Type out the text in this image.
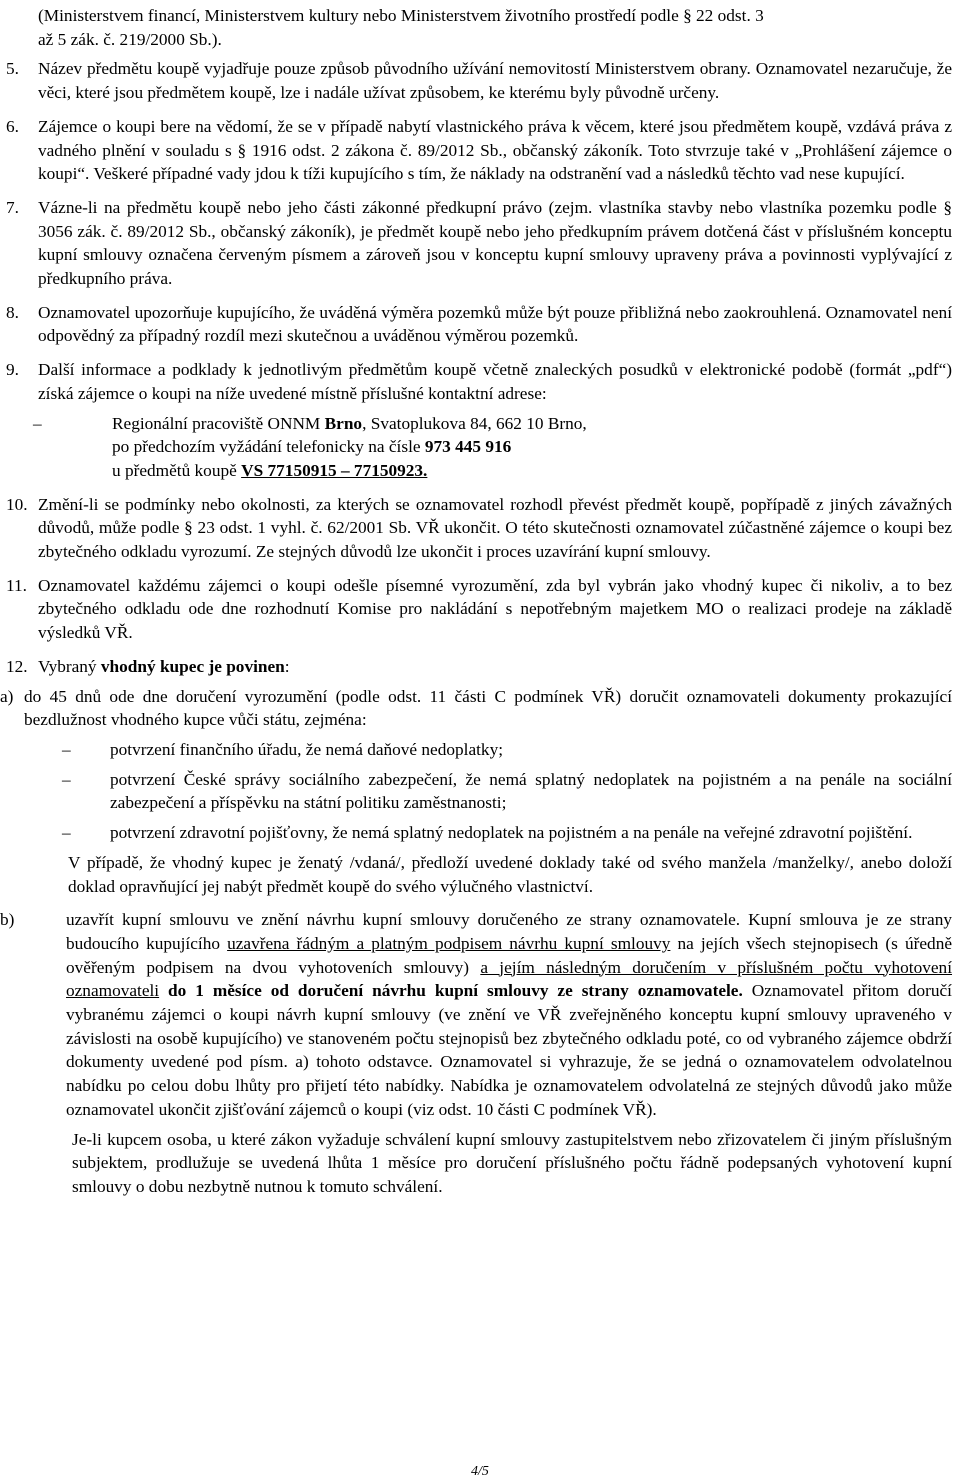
(Ministerstvem financí, Ministerstvem kultury nebo Ministerstvem životního prostředí podle § 22 odst. 3
až 5 zák. č. 219/2000 Sb.).
5. Název předmětu koupě vyjadřuje pouze způsob původního užívání nemovitostí Ministerstvem obrany. Oznamovatel nezaručuje, že věci, které jsou předmětem koupě, lze i nadále užívat způsobem, ke kterému byly původně určeny.
6. Zájemce o koupi bere na vědomí, že se v případě nabytí vlastnického práva k věcem, které jsou předmětem koupě, vzdává práva z vadného plnění v souladu s § 1916 odst. 2 zákona č. 89/2012 Sb., občanský zákoník. Toto stvrzuje také v „Prohlášení zájemce o koupi“. Veškeré případné vady jdou k tíži kupujícího s tím, že náklady na odstranění vad a následků těchto vad nese kupující.
7. Vázne-li na předmětu koupě nebo jeho části zákonné předkupní právo (zejm. vlastníka stavby nebo vlastníka pozemku podle § 3056 zák. č. 89/2012 Sb., občanský zákoník), je předmět koupě nebo jeho předkupním právem dotčená část v příslušném konceptu kupní smlouvy označena červeným písmem a zároveň jsou v konceptu kupní smlouvy upraveny práva a povinnosti vyplývající z předkupního práva.
8. Oznamovatel upozorňuje kupujícího, že uváděná výměra pozemků může být pouze přibližná nebo zaokrouhlená. Oznamovatel není odpovědný za případný rozdíl mezi skutečnou a uváděnou výměrou pozemků.
9. Další informace a podklady k jednotlivým předmětům koupě včetně znaleckých posudků v elektronické podobě (formát „pdf“) získá zájemce o koupi na níže uvedené místně příslušné kontaktní adrese:
–	Regionální pracoviště ONNM Brno, Svatoplukova 84, 662 10 Brno,
po předchozím vyžádání telefonicky na čísle 973 445 916
u předmětů koupě VS 77150915 – 77150923.
10. Změní-li se podmínky nebo okolnosti, za kterých se oznamovatel rozhodl převést předmět koupě, popřípadě z jiných závažných důvodů, může podle § 23 odst. 1 vyhl. č. 62/2001 Sb. VŘ ukončit. O této skutečnosti oznamovatel zúčastněné zájemce o koupi bez zbytečného odkladu vyrozumí. Ze stejných důvodů lze ukončit i proces uzavírání kupní smlouvy.
11. Oznamovatel každému zájemci o koupi odešle písemné vyrozumění, zda byl vybrán jako vhodný kupec či nikoliv, a to bez zbytečného odkladu ode dne rozhodnutí Komise pro nakládání s nepotřebným majetkem MO o realizaci prodeje na základě výsledků VŘ.
12. Vybraný vhodný kupec je povinen:
a) do 45 dnů ode dne doručení vyrozumění (podle odst. 11 části C podmínek VŘ) doručit oznamovateli dokumenty prokazující bezdlužnost vhodného kupce vůči státu, zejména:
– potvrzení finančního úřadu, že nemá daňové nedoplatky;
– potvrzení České správy sociálního zabezpečení, že nemá splatný nedoplatek na pojistném a na penále na sociální zabezpečení a příspěvku na státní politiku zaměstnanosti;
– potvrzení zdravotní pojišťovny, že nemá splatný nedoplatek na pojistném a na penále na veřejné zdravotní pojištění.
V případě, že vhodný kupec je ženatý /vdaná/, předloží uvedené doklady také od svého manžela /manželky/, anebo doloží doklad opravňující jej nabýt předmět koupě do svého výlučného vlastnictví.
b)	uzavřít kupní smlouvu ve znění návrhu kupní smlouvy doručeného ze strany oznamovatele. Kupní smlouva je ze strany budoucího kupujícího uzavřena řádným a platným podpisem návrhu kupní smlouvy na jejích všech stejnopisech (s úředně ověřeným podpisem na dvou vyhotoveních smlouvy) a jejím následným doručením v příslušném počtu vyhotovení oznamovateli do 1 měsíce od doručení návrhu kupní smlouvy ze strany oznamovatele. Oznamovatel přitom doručí vybranému zájemci o koupi návrh kupní smlouvy (ve znění ve VŘ zveřejněného konceptu kupní smlouvy upraveného v závislosti na osobě kupujícího) ve stanoveném počtu stejnopisů bez zbytečného odkladu poté, co od vybraného zájemce obdrží dokumenty uvedené pod písm. a) tohoto odstavce. Oznamovatel si vyhrazuje, že se jedná o oznamovatelem odvolatelnou nabídku po celou dobu lhůty pro přijetí této nabídky. Nabídka je oznamovatelem odvolatelná ze stejných důvodů jako může oznamovatel ukončit zjišťování zájemců o koupi (viz odst. 10 části C podmínek VŘ).
Je-li kupcem osoba, u které zákon vyžaduje schválení kupní smlouvy zastupitelstvem nebo zřizovatelem či jiným příslušným subjektem, prodlužuje se uvedená lhůta 1 měsíce pro doručení příslušného počtu řádně podepsaných vyhotovení kupní smlouvy o dobu nezbytně nutnou k tomuto schválení.
4/5
